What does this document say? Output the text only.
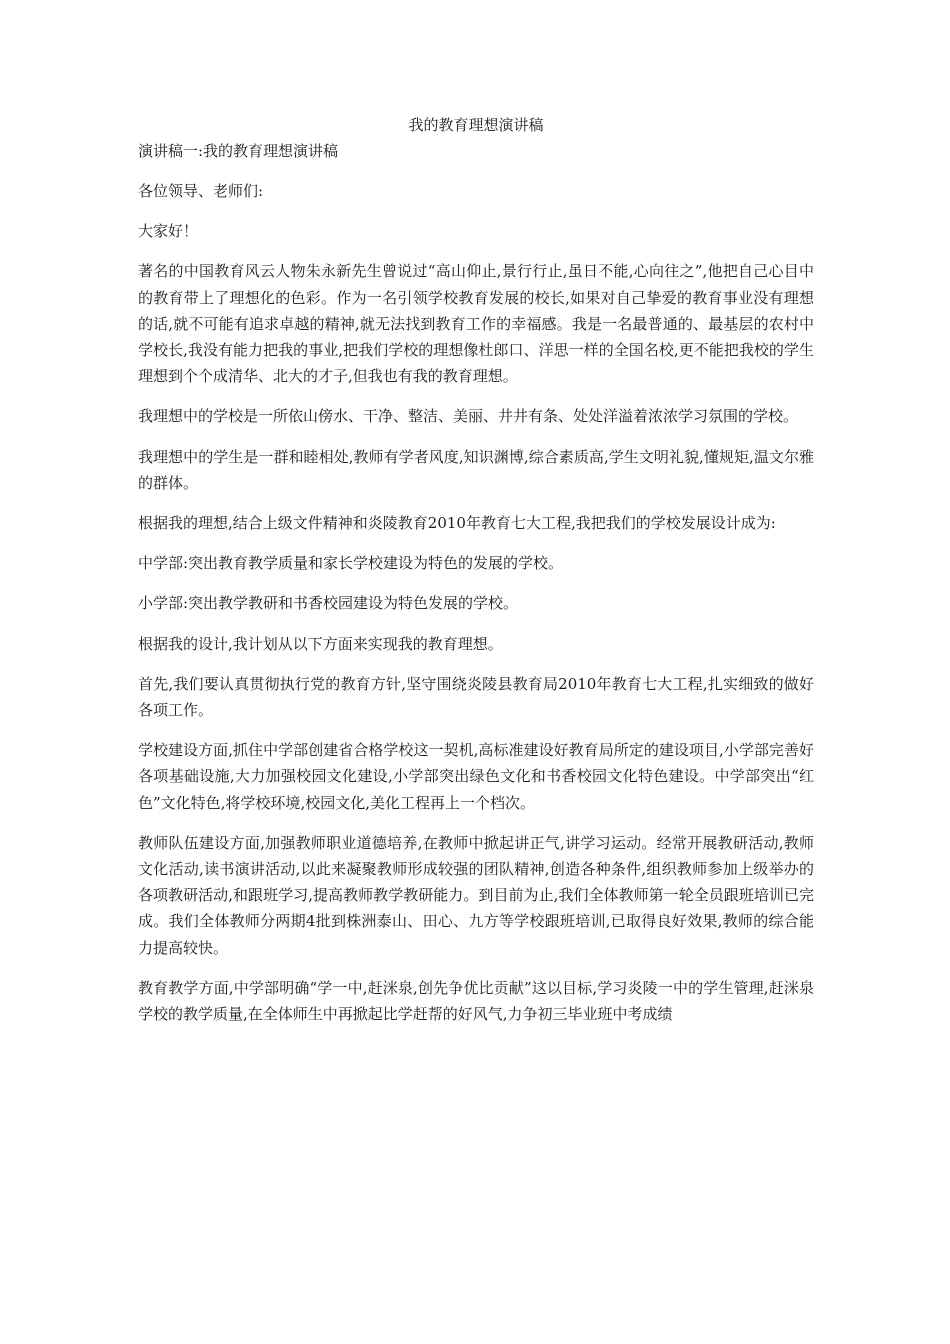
我的教育理想演讲稿

演讲稿一:我的教育理想演讲稿

各位领导、老师们:

大家好！

著名的中国教育风云人物朱永新先生曾说过“高山仰止,景行行止,虽日不能,心向往之”,他把自己心目中的教育带上了理想化的色彩。作为一名引领学校教育发展的校长,如果对自己挚爱的教育事业没有理想的话,就不可能有追求卓越的精神,就无法找到教育工作的幸福感。我是一名最普通的、最基层的农村中学校长,我没有能力把我的事业,把我们学校的理想像杜郎口、洋思一样的全国名校,更不能把我校的学生理想到个个成清华、北大的才子,但我也有我的教育理想。

我理想中的学校是一所依山傍水、干净、整洁、美丽、井井有条、处处洋溢着浓浓学习氛围的学校。

我理想中的学生是一群和睦相处,教师有学者风度,知识渊博,综合素质高,学生文明礼貌,懂规矩,温文尔雅的群体。

根据我的理想,结合上级文件精神和炎陵教育2010年教育七大工程,我把我们的学校发展设计成为:

中学部:突出教育教学质量和家长学校建设为特色的发展的学校。

小学部:突出教学教研和书香校园建设为特色发展的学校。

根据我的设计,我计划从以下方面来实现我的教育理想。

首先,我们要认真贯彻执行党的教育方针,坚守围绕炎陵县教育局2010年教育七大工程,扎实细致的做好各项工作。

学校建设方面,抓住中学部创建省合格学校这一契机,高标准建设好教育局所定的建设项目,小学部完善好各项基础设施,大力加强校园文化建设,小学部突出绿色文化和书香校园文化特色建设。中学部突出“红色”文化特色,将学校环境,校园文化,美化工程再上一个档次。

教师队伍建设方面,加强教师职业道德培养,在教师中掀起讲正气,讲学习运动。经常开展教研活动,教师文化活动,读书演讲活动,以此来凝聚教师形成较强的团队精神,创造各种条件,组织教师参加上级举办的各项教研活动,和跟班学习,提高教师教学教研能力。到目前为止,我们全体教师第一轮全员跟班培训已完成。我们全体教师分两期4批到株洲泰山、田心、九方等学校跟班培训,已取得良好效果,教师的综合能力提高较快。

教育教学方面,中学部明确“学一中,赶洣泉,创先争优比贡献”这以目标,学习炎陵一中的学生管理,赶洣泉学校的教学质量,在全体师生中再掀起比学赶帮的好风气,力争初三毕业班中考成绩
